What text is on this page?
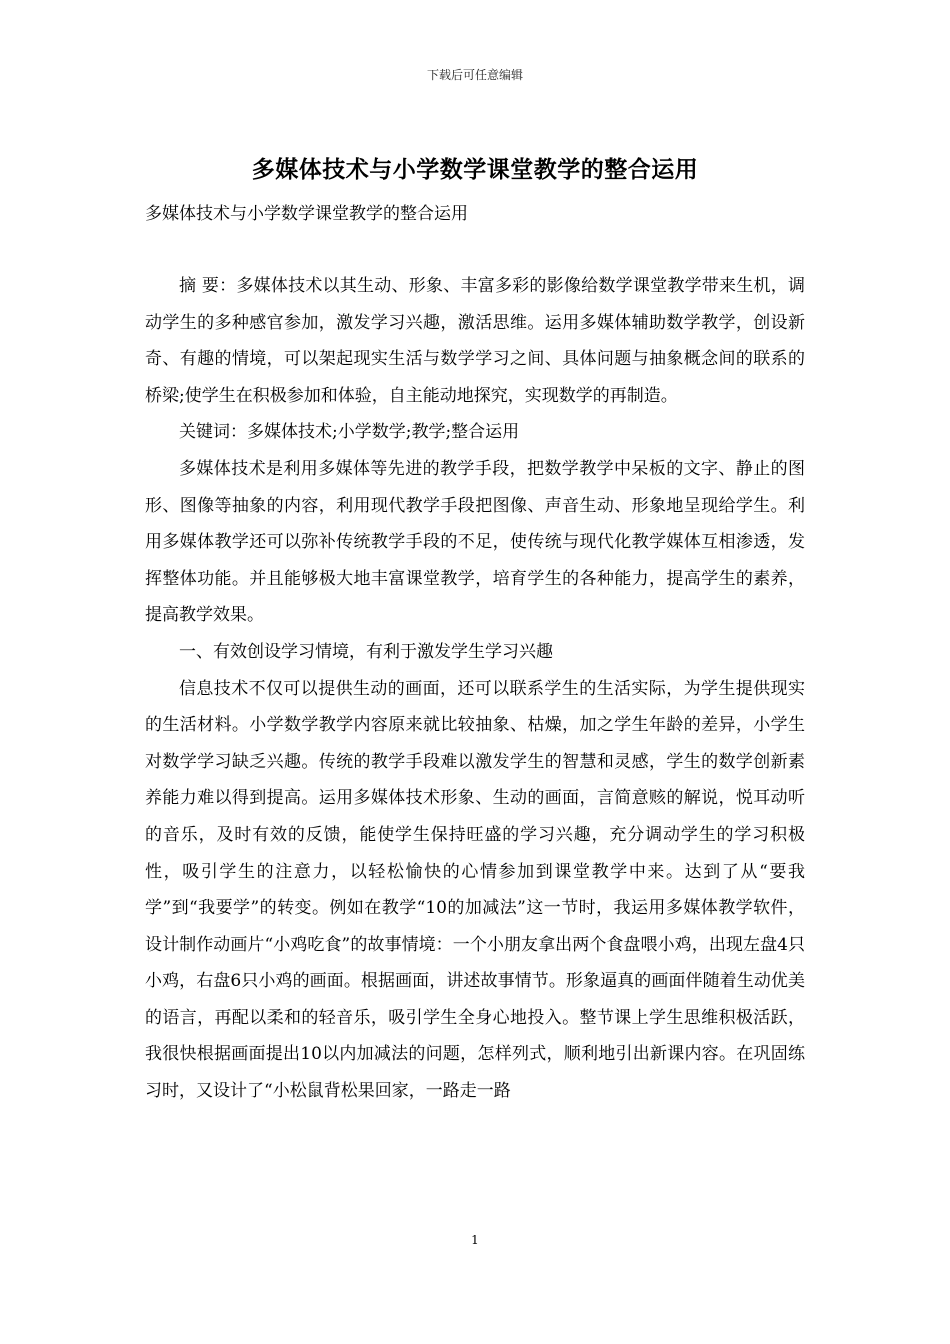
下载后可任意编辑
多媒体技术与小学数学课堂教学的整合运用
多媒体技术与小学数学课堂教学的整合运用

摘 要：多媒体技术以其生动、形象、丰富多彩的影像给数学课堂教学带来生机，调动学生的多种感官参加，激发学习兴趣，激活思维。运用多媒体辅助数学教学，创设新奇、有趣的情境，可以架起现实生活与数学学习之间、具体问题与抽象概念间的联系的桥梁;使学生在积极参加和体验，自主能动地探究，实现数学的再制造。

关键词：多媒体技术;小学数学;教学;整合运用

多媒体技术是利用多媒体等先进的教学手段，把数学教学中呆板的文字、静止的图形、图像等抽象的内容，利用现代教学手段把图像、声音生动、形象地呈现给学生。利用多媒体教学还可以弥补传统教学手段的不足，使传统与现代化教学媒体互相渗透，发挥整体功能。并且能够极大地丰富课堂教学，培育学生的各种能力，提高学生的素养，提高教学效果。

一、有效创设学习情境，有利于激发学生学习兴趣

信息技术不仅可以提供生动的画面，还可以联系学生的生活实际，为学生提供现实的生活材料。小学数学教学内容原来就比较抽象、枯燥，加之学生年龄的差异，小学生对数学学习缺乏兴趣。传统的教学手段难以激发学生的智慧和灵感，学生的数学创新素养能力难以得到提高。运用多媒体技术形象、生动的画面，言简意赅的解说，悦耳动听的音乐，及时有效的反馈，能使学生保持旺盛的学习兴趣，充分调动学生的学习积极性，吸引学生的注意力，以轻松愉快的心情参加到课堂教学中来。达到了从“要我学”到“我要学”的转变。例如在教学“10的加减法”这一节时，我运用多媒体教学软件，设计制作动画片“小鸡吃食”的故事情境：一个小朋友拿出两个食盘喂小鸡，出现左盘4只小鸡，右盘6只小鸡的画面。根据画面，讲述故事情节。形象逼真的画面伴随着生动优美的语言，再配以柔和的轻音乐，吸引学生全身心地投入。整节课上学生思维积极活跃，我很快根据画面提出10以内加减法的问题，怎样列式，顺利地引出新课内容。在巩固练习时，又设计了“小松鼠背松果回家，一路走一路

1
